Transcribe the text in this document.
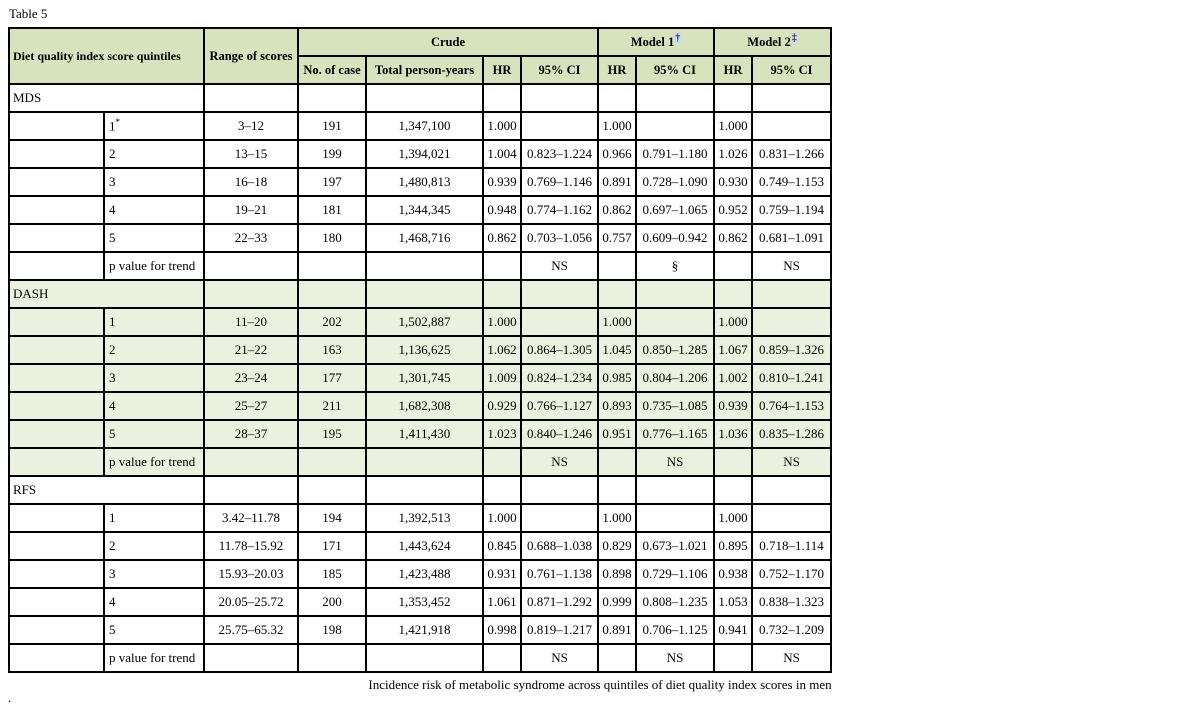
Table 5
Diet quality index score quintiles		Range of scores	Crude				Model 1†		Model 2‡
			No. of case	Total person-years	HR	95% CI	HR	95% CI	HR	95% CI
MDS										
	1*	3–12	191	1,347,100	1.000		1.000		1.000	
	2	13–15	199	1,394,021	1.004	0.823–1.224	0.966	0.791–1.180	1.026	0.831–1.266
	3	16–18	197	1,480,813	0.939	0.769–1.146	0.891	0.728–1.090	0.930	0.749–1.153
	4	19–21	181	1,344,345	0.948	0.774–1.162	0.862	0.697–1.065	0.952	0.759–1.194
	5	22–33	180	1,468,716	0.862	0.703–1.056	0.757	0.609–0.942	0.862	0.681–1.091
	p value for trend					NS		§		NS
DASH										
	1	11–20	202	1,502,887	1.000		1.000		1.000	
	2	21–22	163	1,136,625	1.062	0.864–1.305	1.045	0.850–1.285	1.067	0.859–1.326
	3	23–24	177	1,301,745	1.009	0.824–1.234	0.985	0.804–1.206	1.002	0.810–1.241
	4	25–27	211	1,682,308	0.929	0.766–1.127	0.893	0.735–1.085	0.939	0.764–1.153
	5	28–37	195	1,411,430	1.023	0.840–1.246	0.951	0.776–1.165	1.036	0.835–1.286
	p value for trend					NS		NS		NS
RFS										
	1	3.42–11.78	194	1,392,513	1.000		1.000		1.000	
	2	11.78–15.92	171	1,443,624	0.845	0.688–1.038	0.829	0.673–1.021	0.895	0.718–1.114
	3	15.93–20.03	185	1,423,488	0.931	0.761–1.138	0.898	0.729–1.106	0.938	0.752–1.170
	4	20.05–25.72	200	1,353,452	1.061	0.871–1.292	0.999	0.808–1.235	1.053	0.838–1.323
	5	25.75–65.32	198	1,421,918	0.998	0.819–1.217	0.891	0.706–1.125	0.941	0.732–1.209
	p value for trend					NS		NS		NS
Incidence risk of metabolic syndrome across quintiles of diet quality index scores in men
.
